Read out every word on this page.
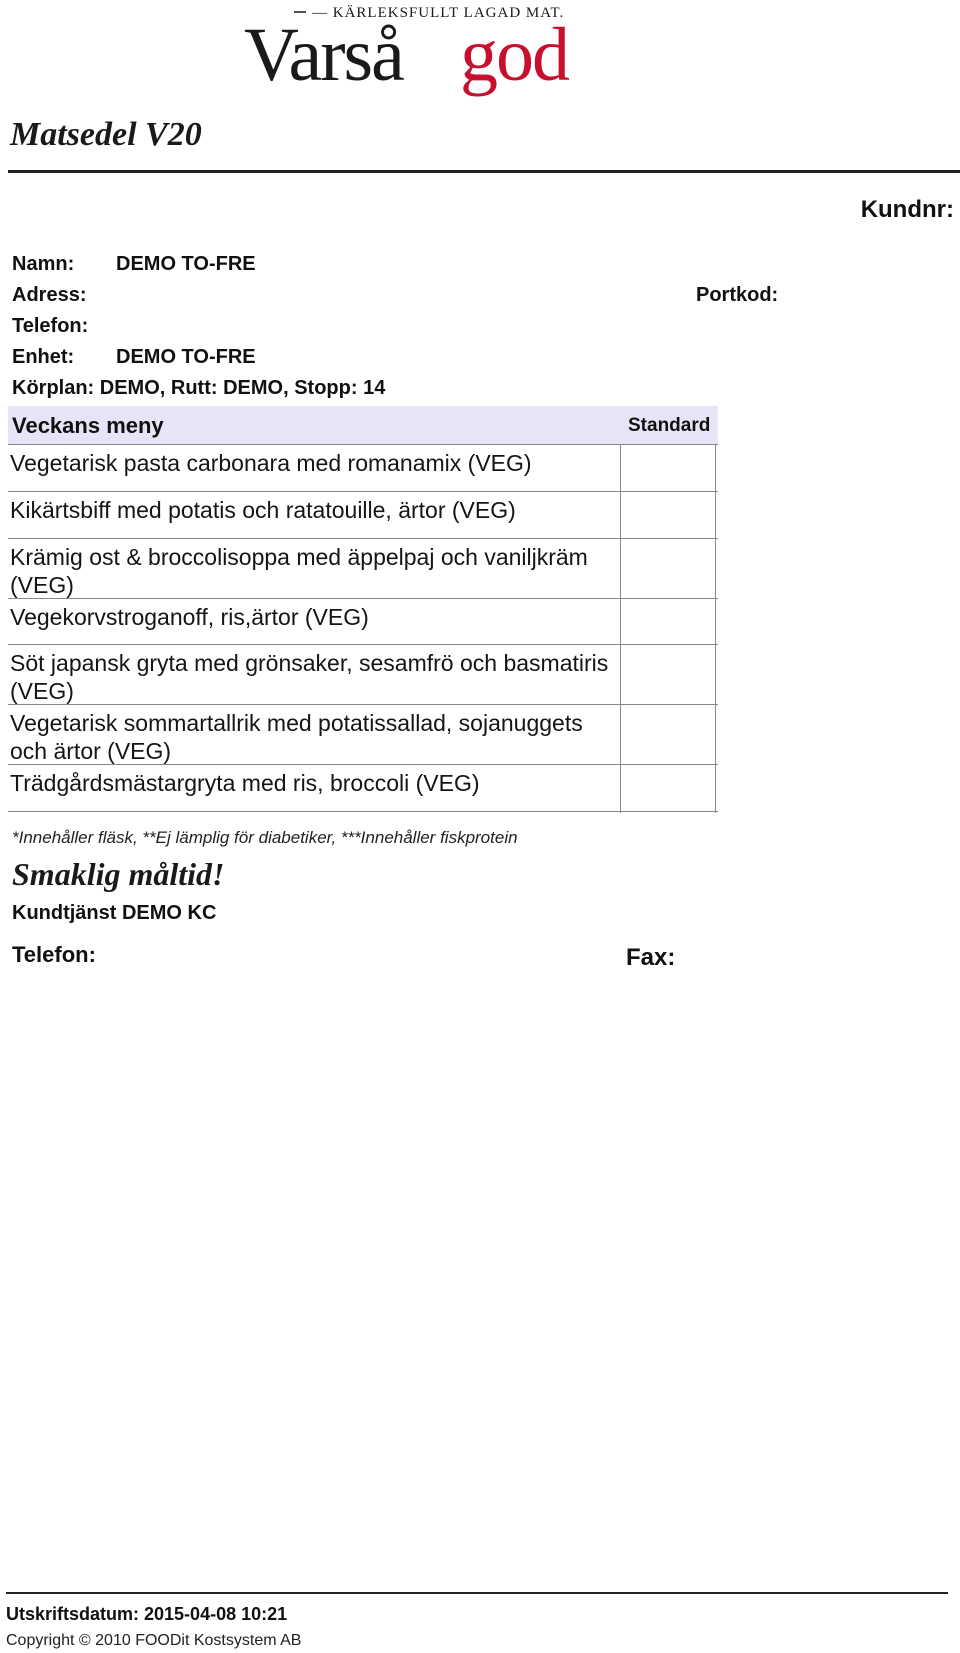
— KÄRLEKSFULLT LAGAD MAT.
Varså god
Matsedel V20
Kundnr:
Namn: DEMO TO-FRE
Adress:	Portkod:
Telefon:
Enhet: DEMO TO-FRE
Körplan: DEMO, Rutt: DEMO, Stopp: 14
Veckans meny	Standard
Vegetarisk pasta carbonara med romanamix (VEG)
Kikärtsbiff med potatis och ratatouille, ärtor (VEG)
Krämig ost & broccolisoppa med äppelpaj och vaniljkräm (VEG)
Vegekorvstroganoff, ris,ärtor (VEG)
Söt japansk gryta med grönsaker, sesamfrö och basmatiris (VEG)
Vegetarisk sommartallrik med potatissallad, sojanuggets och ärtor (VEG)
Trädgårdsmästargryta med ris, broccoli (VEG)
*Innehåller fläsk, **Ej lämplig för diabetiker, ***Innehåller fiskprotein
Smaklig måltid!
Kundtjänst DEMO KC
Telefon:	Fax:
Utskriftsdatum: 2015-04-08 10:21
Copyright © 2010 FOODit Kostsystem AB
